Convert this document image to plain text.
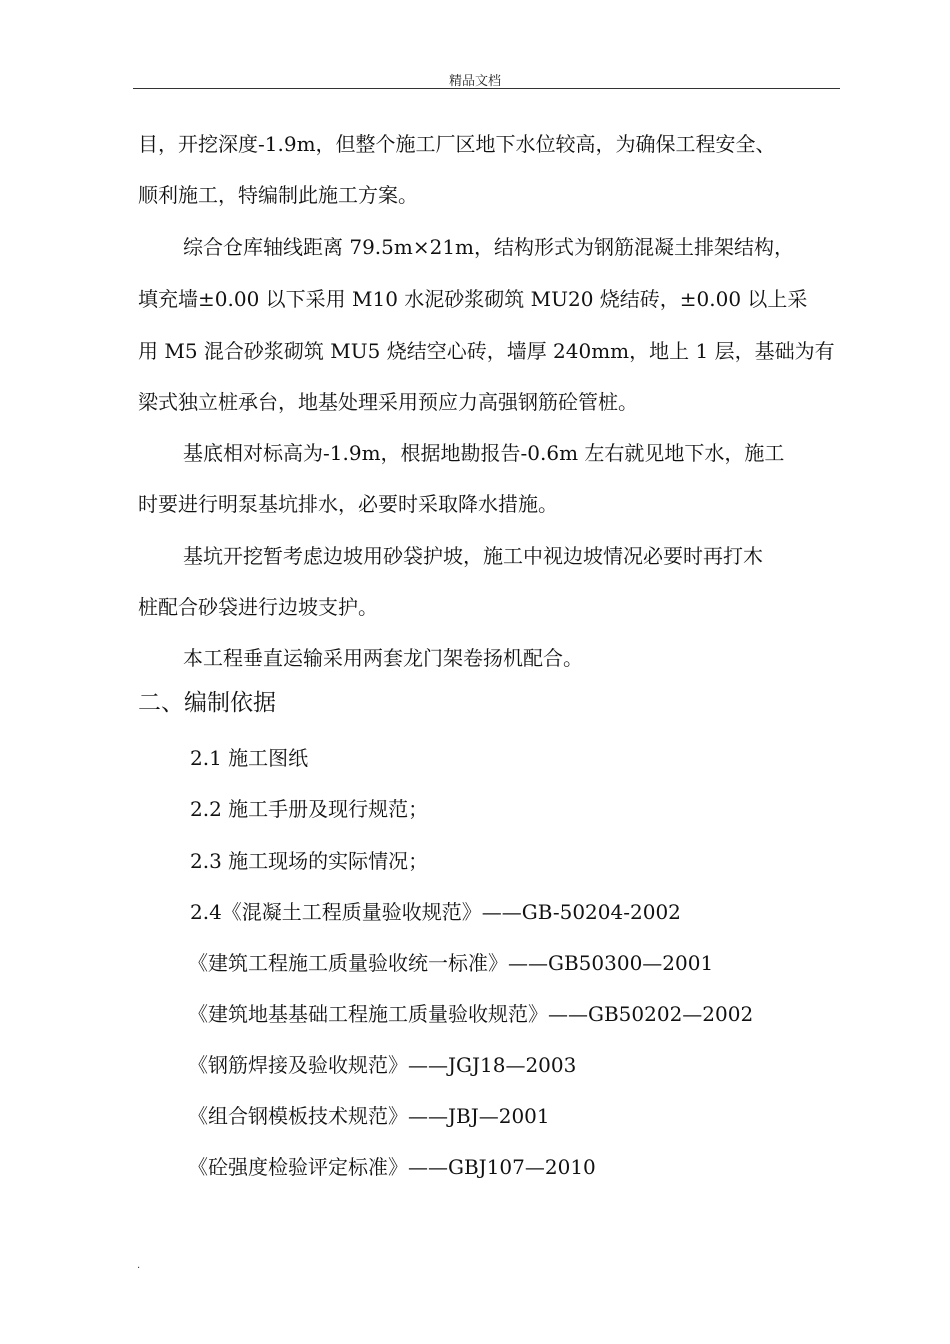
精品文档
目，开挖深度-1.9m，但整个施工厂区地下水位较高，为确保工程安全、
顺利施工，特编制此施工方案。
综合仓库轴线距离 79.5m×21m，结构形式为钢筋混凝土排架结构，
填充墙±0.00 以下采用 M10 水泥砂浆砌筑 MU20 烧结砖，±0.00 以上采
用 M5 混合砂浆砌筑 MU5 烧结空心砖，墙厚 240mm，地上 1 层，基础为有
梁式独立桩承台，地基处理采用预应力高强钢筋砼管桩。
基底相对标高为-1.9m，根据地勘报告-0.6m 左右就见地下水，施工
时要进行明泵基坑排水，必要时采取降水措施。
基坑开挖暂考虑边坡用砂袋护坡，施工中视边坡情况必要时再打木
桩配合砂袋进行边坡支护。
本工程垂直运输采用两套龙门架卷扬机配合。
二、编制依据
2.1 施工图纸
2.2 施工手册及现行规范；
2.3 施工现场的实际情况；
2.4《混凝土工程质量验收规范》——GB-50204-2002
《建筑工程施工质量验收统一标准》——GB50300—2001
《建筑地基基础工程施工质量验收规范》——GB50202—2002
《钢筋焊接及验收规范》——JGJ18—2003
《组合钢模板技术规范》——JBJ—2001
《砼强度检验评定标准》——GBJ107—2010
.
